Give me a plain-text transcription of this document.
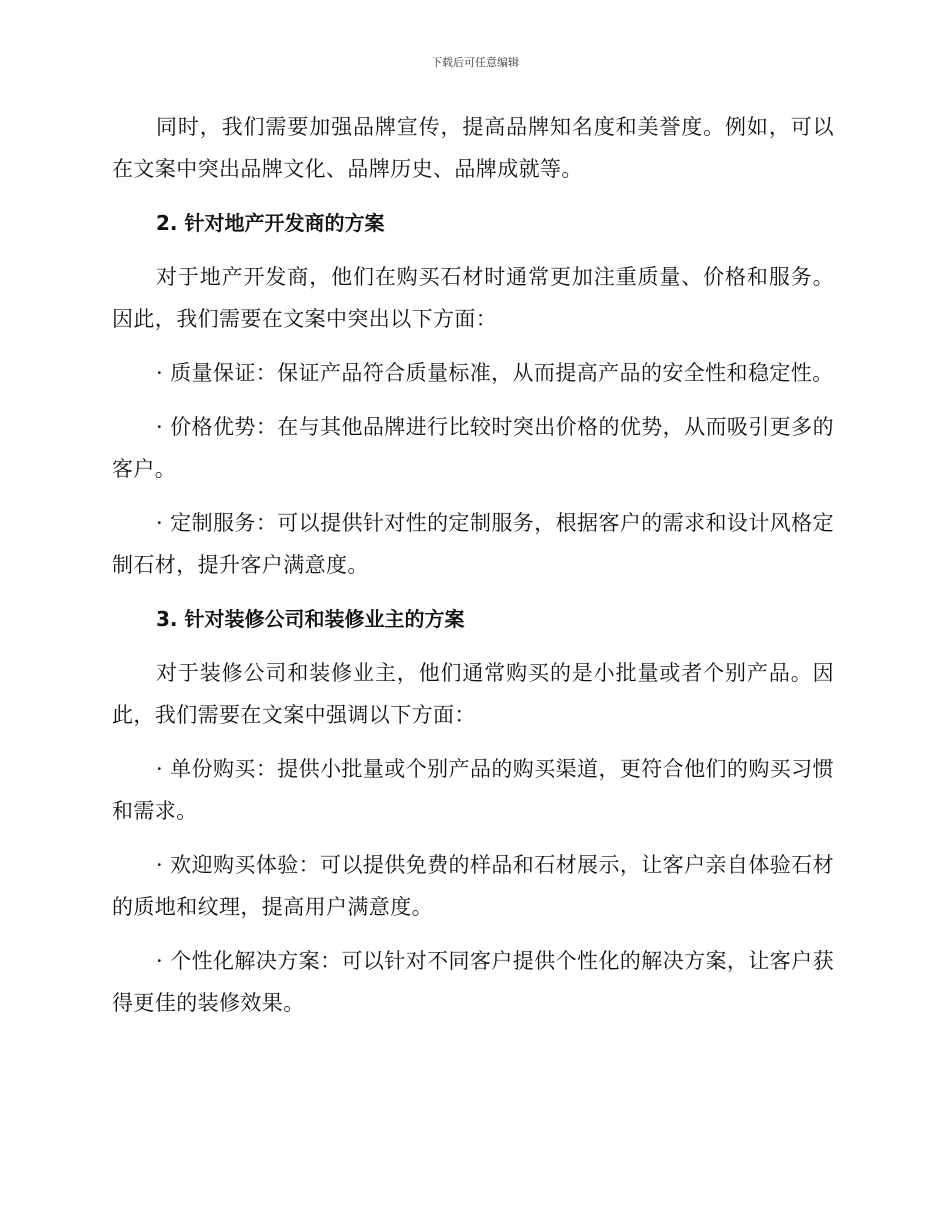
下载后可任意编辑

同时，我们需要加强品牌宣传，提高品牌知名度和美誉度。例如，可以在文案中突出品牌文化、品牌历史、品牌成就等。

2. 针对地产开发商的方案

对于地产开发商，他们在购买石材时通常更加注重质量、价格和服务。因此，我们需要在文案中突出以下方面：

· 质量保证：保证产品符合质量标准，从而提高产品的安全性和稳定性。

· 价格优势：在与其他品牌进行比较时突出价格的优势，从而吸引更多的客户。

· 定制服务：可以提供针对性的定制服务，根据客户的需求和设计风格定制石材，提升客户满意度。

3. 针对装修公司和装修业主的方案

对于装修公司和装修业主，他们通常购买的是小批量或者个别产品。因此，我们需要在文案中强调以下方面：

· 单份购买：提供小批量或个别产品的购买渠道，更符合他们的购买习惯和需求。

· 欢迎购买体验：可以提供免费的样品和石材展示，让客户亲自体验石材的质地和纹理，提高用户满意度。

· 个性化解决方案：可以针对不同客户提供个性化的解决方案，让客户获得更佳的装修效果。
